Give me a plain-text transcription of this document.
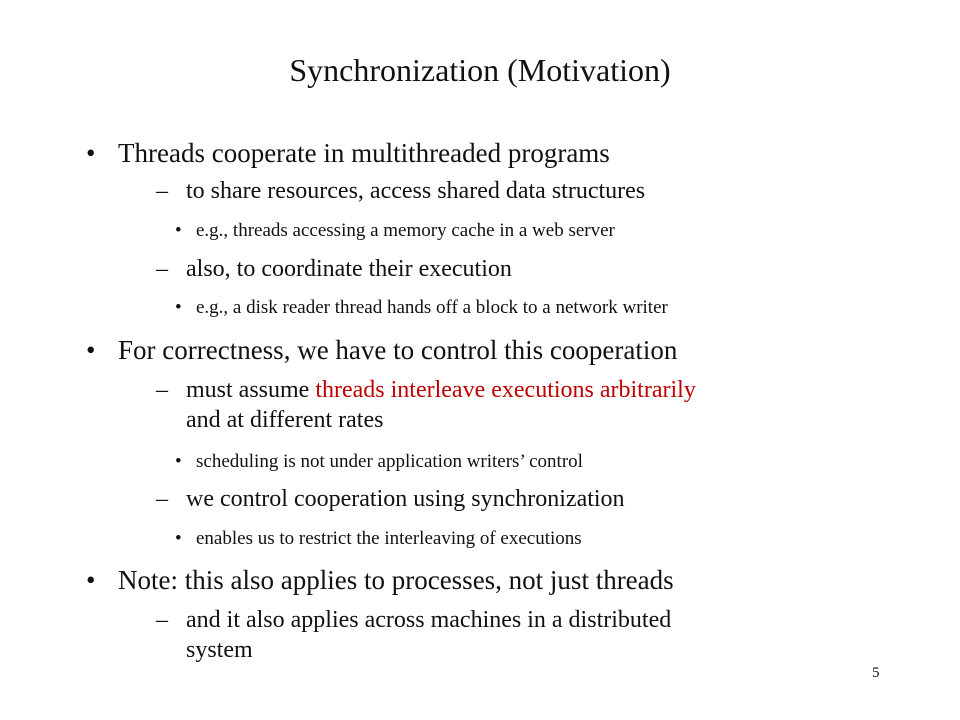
Synchronization (Motivation)
• Threads cooperate in multithreaded programs
– to share resources, access shared data structures
• e.g., threads accessing a memory cache in a web server
– also, to coordinate their execution
• e.g., a disk reader thread hands off a block to a network writer
• For correctness, we have to control this cooperation
– must assume threads interleave executions arbitrarily
and at different rates
• scheduling is not under application writers’ control
– we control cooperation using synchronization
• enables us to restrict the interleaving of executions
• Note: this also applies to processes, not just threads
– and it also applies across machines in a distributed
system
5
